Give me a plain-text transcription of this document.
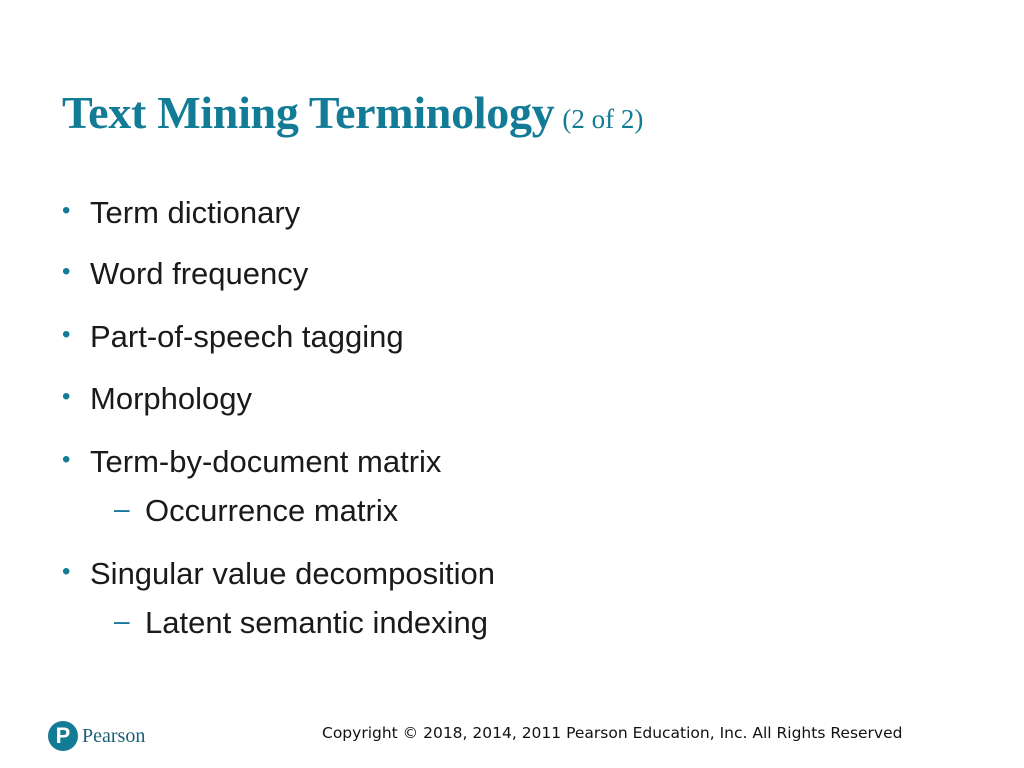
Text Mining Terminology (2 of 2)
• Term dictionary
• Word frequency
• Part-of-speech tagging
• Morphology
• Term-by-document matrix
– Occurrence matrix
• Singular value decomposition
– Latent semantic indexing
P Pearson	Copyright © 2018, 2014, 2011 Pearson Education, Inc. All Rights Reserved
